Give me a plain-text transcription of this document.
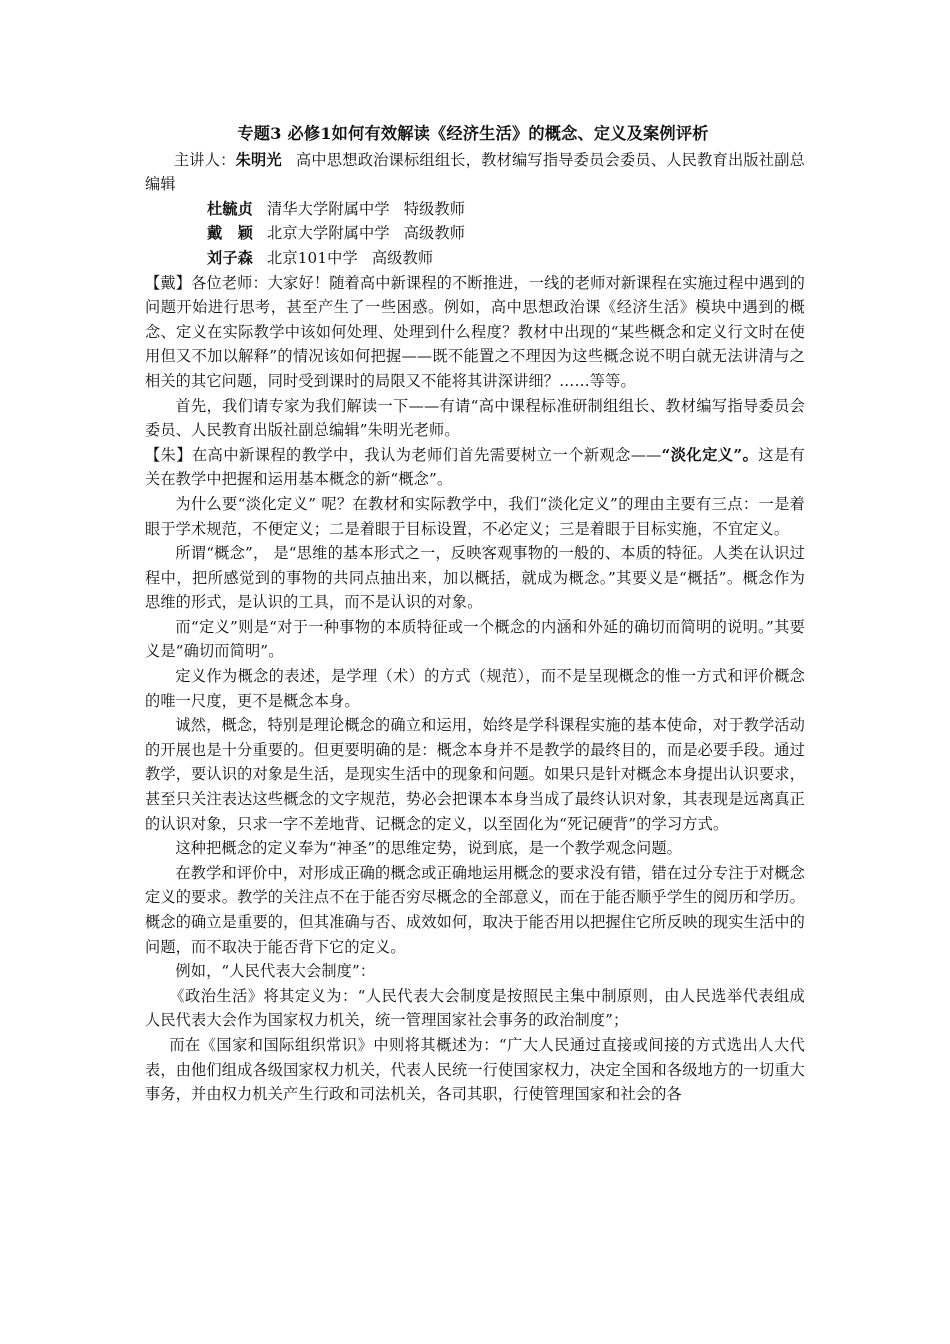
专题3 必修1如何有效解读《经济生活》的概念、定义及案例评析

主讲人：朱明光 高中思想政治课标组组长，教材编写指导委员会委员、人民教育出版社副总编辑

杜毓贞 清华大学附属中学 特级教师

戴　颖 北京大学附属中学 高级教师

刘子森 北京101中学 高级教师

【戴】各位老师：大家好！随着高中新课程的不断推进，一线的老师对新课程在实施过程中遇到的问题开始进行思考，甚至产生了一些困惑。例如，高中思想政治课《经济生活》模块中遇到的概念、定义在实际教学中该如何处理、处理到什么程度？教材中出现的“某些概念和定义行文时在使用但又不加以解释”的情况该如何把握——既不能置之不理因为这些概念说不明白就无法讲清与之相关的其它问题，同时受到课时的局限又不能将其讲深讲细？……等等。

首先，我们请专家为我们解读一下——有请“高中课程标准研制组组长、教材编写指导委员会委员、人民教育出版社副总编辑”朱明光老师。

【朱】在高中新课程的教学中，我认为老师们首先需要树立一个新观念——“淡化定义”。这是有关在教学中把握和运用基本概念的新“概念”。

为什么要“淡化定义” 呢？在教材和实际教学中，我们“淡化定义”的理由主要有三点：一是着眼于学术规范，不便定义；二是着眼于目标设置，不必定义；三是着眼于目标实施，不宜定义。

所谓“概念”， 是“思维的基本形式之一，反映客观事物的一般的、本质的特征。人类在认识过程中，把所感觉到的事物的共同点抽出来，加以概括，就成为概念。”其要义是“概括”。概念作为思维的形式，是认识的工具，而不是认识的对象。

而“定义”则是“对于一种事物的本质特征或一个概念的内涵和外延的确切而简明的说明。”其要义是“确切而简明”。

定义作为概念的表述，是学理（术）的方式（规范），而不是呈现概念的惟一方式和评价概念的唯一尺度，更不是概念本身。

诚然，概念，特别是理论概念的确立和运用，始终是学科课程实施的基本使命，对于教学活动的开展也是十分重要的。但更要明确的是：概念本身并不是教学的最终目的，而是必要手段。通过教学，要认识的对象是生活，是现实生活中的现象和问题。如果只是针对概念本身提出认识要求，甚至只关注表达这些概念的文字规范，势必会把课本本身当成了最终认识对象，其表现是远离真正的认识对象，只求一字不差地背、记概念的定义，以至固化为“死记硬背”的学习方式。

这种把概念的定义奉为“神圣”的思维定势，说到底，是一个教学观念问题。

在教学和评价中，对形成正确的概念或正确地运用概念的要求没有错，错在过分专注于对概念定义的要求。教学的关注点不在于能否穷尽概念的全部意义，而在于能否顺乎学生的阅历和学历。概念的确立是重要的，但其准确与否、成效如何，取决于能否用以把握住它所反映的现实生活中的问题，而不取决于能否背下它的定义。

例如，“人民代表大会制度”：

《政治生活》将其定义为：“人民代表大会制度是按照民主集中制原则，由人民选举代表组成人民代表大会作为国家权力机关，统一管理国家社会事务的政治制度”；

而在《国家和国际组织常识》中则将其概述为：“广大人民通过直接或间接的方式选出人大代表，由他们组成各级国家权力机关，代表人民统一行使国家权力，决定全国和各级地方的一切重大事务，并由权力机关产生行政和司法机关，各司其职，行使管理国家和社会的各
